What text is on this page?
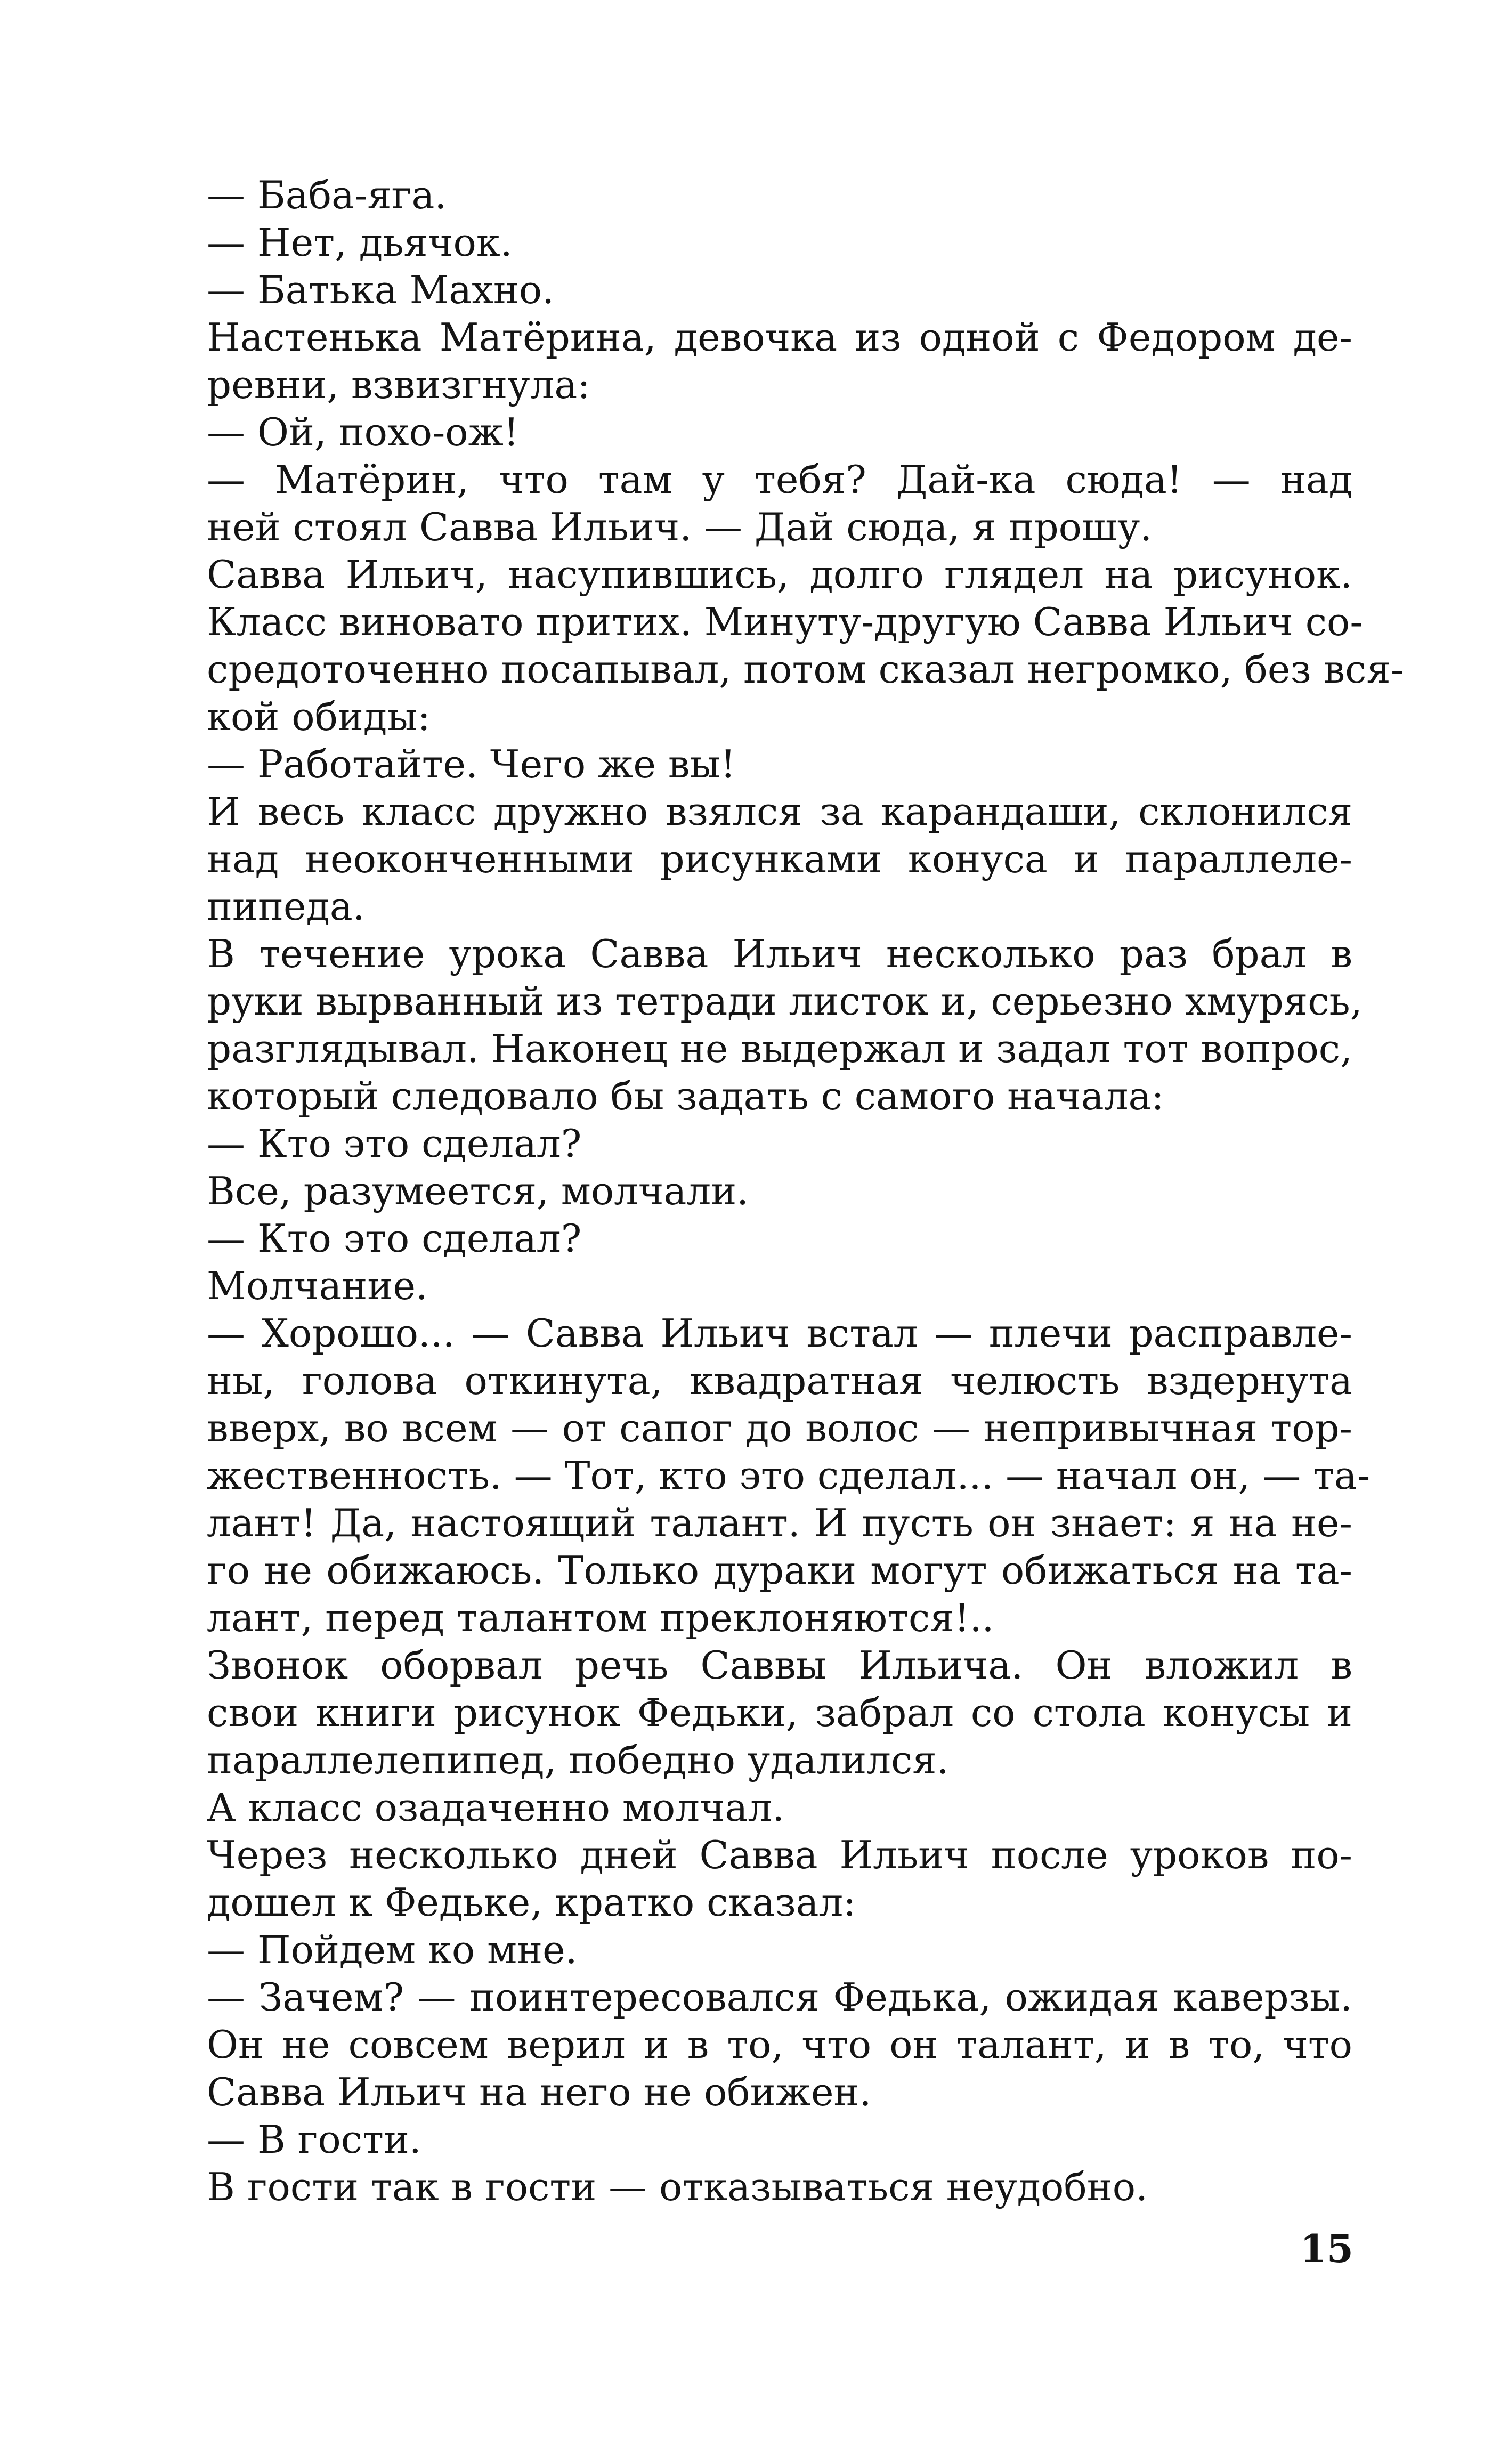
— Баба-яга.
— Нет, дьячок.
— Батька Махно.
Настенька Матёрина, девочка из одной с Федором де-
ревни, взвизгнула:
— Ой, похо-ож!
— Матёрин, что там у тебя? Дай-ка сюда! — над
ней стоял Савва Ильич. — Дай сюда, я прошу.
Савва Ильич, насупившись, долго глядел на рисунок.
Класс виновато притих. Минуту-другую Савва Ильич со-
средоточенно посапывал, потом сказал негромко, без вся-
кой обиды:
— Работайте. Чего же вы!
И весь класс дружно взялся за карандаши, склонился
над неоконченными рисунками конуса и параллеле-
пипеда.
В течение урока Савва Ильич несколько раз брал в
руки вырванный из тетради листок и, серьезно хмурясь,
разглядывал. Наконец не выдержал и задал тот вопрос,
который следовало бы задать с самого начала:
— Кто это сделал?
Все, разумеется, молчали.
— Кто это сделал?
Молчание.
— Хорошо... — Савва Ильич встал — плечи расправле-
ны, голова откинута, квадратная челюсть вздернута
вверх, во всем — от сапог до волос — непривычная тор-
жественность. — Тот, кто это сделал... — начал он, — та-
лант! Да, настоящий талант. И пусть он знает: я на не-
го не обижаюсь. Только дураки могут обижаться на та-
лант, перед талантом преклоняются!..
Звонок оборвал речь Саввы Ильича. Он вложил в
свои книги рисунок Федьки, забрал со стола конусы и
параллелепипед, победно удалился.
А класс озадаченно молчал.
Через несколько дней Савва Ильич после уроков по-
дошел к Федьке, кратко сказал:
— Пойдем ко мне.
— Зачем? — поинтересовался Федька, ожидая каверзы.
Он не совсем верил и в то, что он талант, и в то, что
Савва Ильич на него не обижен.
— В гости.
В гости так в гости — отказываться неудобно.
15
